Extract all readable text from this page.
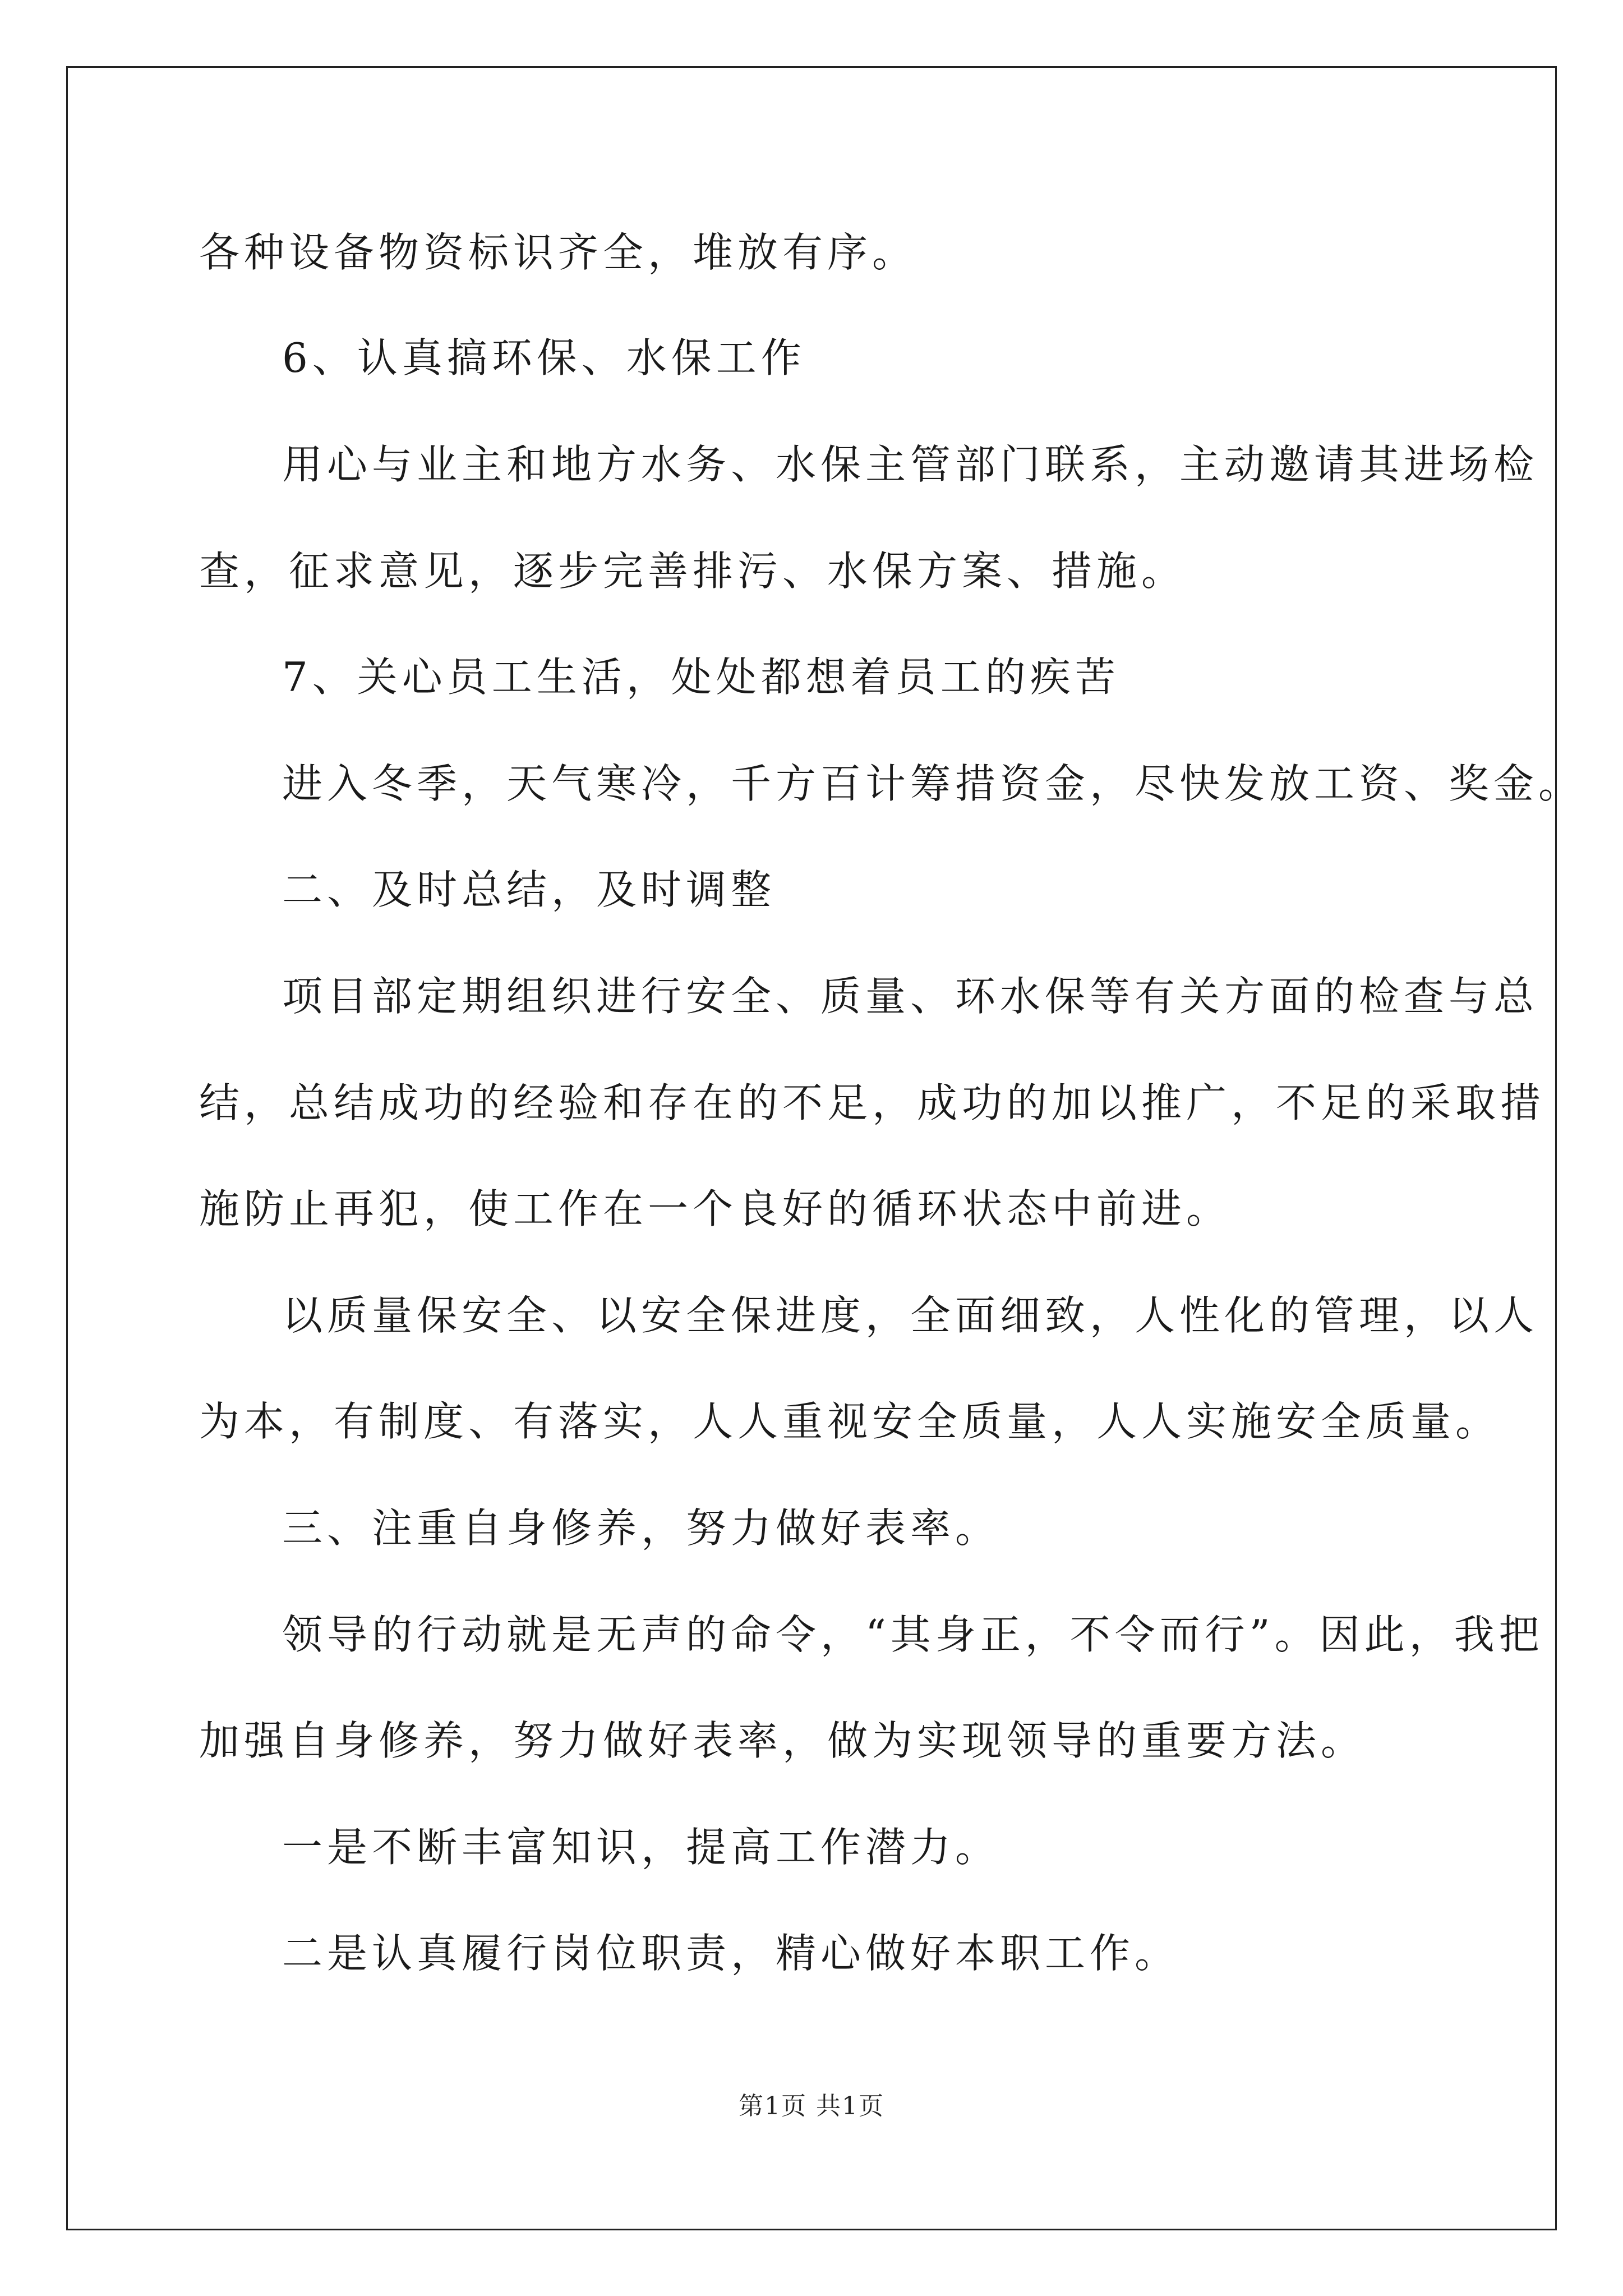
各种设备物资标识齐全，堆放有序。
6、认真搞环保、水保工作
用心与业主和地方水务、水保主管部门联系，主动邀请其进场检
查，征求意见，逐步完善排污、水保方案、措施。
7、关心员工生活，处处都想着员工的疾苦
进入冬季，天气寒冷，千方百计筹措资金，尽快发放工资、奖金。
二、及时总结，及时调整
项目部定期组织进行安全、质量、环水保等有关方面的检查与总
结，总结成功的经验和存在的不足，成功的加以推广，不足的采取措
施防止再犯，使工作在一个良好的循环状态中前进。
以质量保安全、以安全保进度，全面细致，人性化的管理，以人
为本，有制度、有落实，人人重视安全质量，人人实施安全质量。
三、注重自身修养，努力做好表率。
领导的行动就是无声的命令，“其身正，不令而行”。因此，我把
加强自身修养，努力做好表率，做为实现领导的重要方法。
一是不断丰富知识，提高工作潜力。
二是认真履行岗位职责，精心做好本职工作。
第1页 共1页
